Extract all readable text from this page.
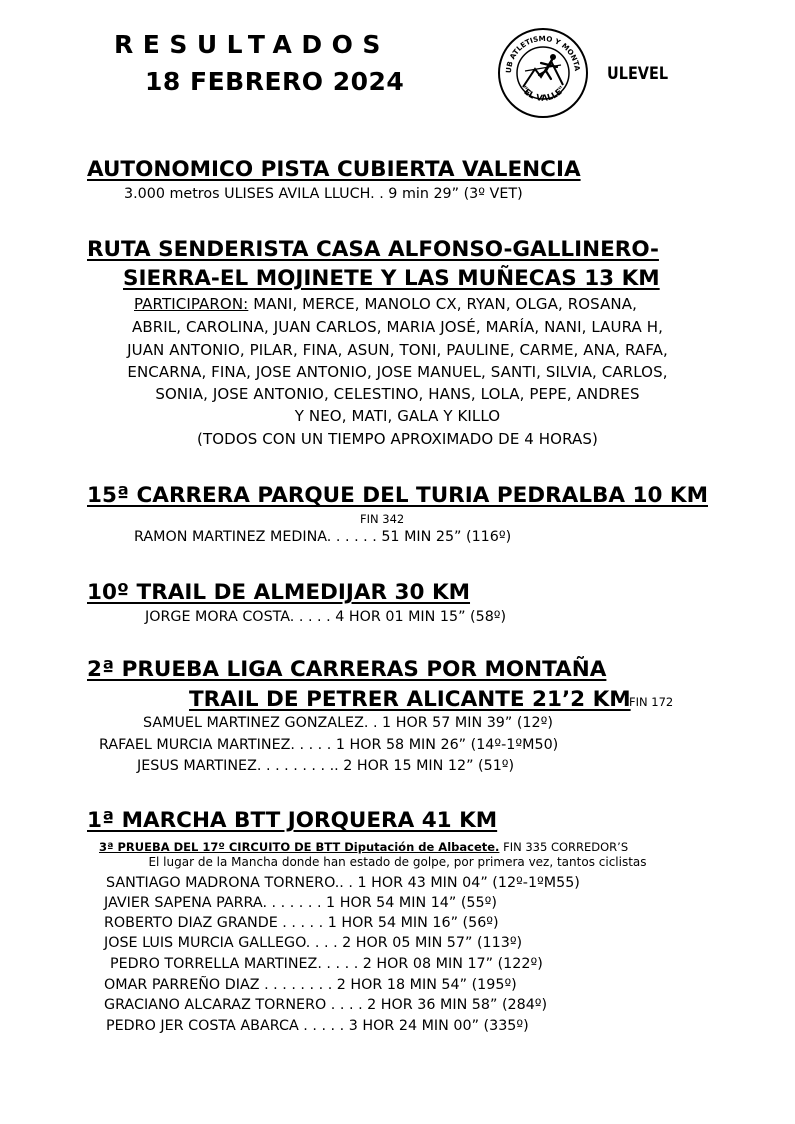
RESULTADOS
18 FEBRERO 2024	UB ATLETISMO Y MONTA
"EL VALLE"
ULEVEL
AUTONOMICO PISTA CUBIERTA VALENCIA
3.000 metros ULISES AVILA LLUCH. . 9 min 29” (3º VET)
RUTA SENDERISTA CASA ALFONSO-GALLINERO-
SIERRA-EL MOJINETE Y LAS MUÑECAS 13 KM
PARTICIPARON: MANI, MERCE, MANOLO CX, RYAN, OLGA, ROSANA,
ABRIL, CAROLINA, JUAN CARLOS, MARIA JOSÉ, MARÍA, NANI, LAURA H,
JUAN ANTONIO, PILAR, FINA, ASUN, TONI, PAULINE, CARME, ANA, RAFA,
ENCARNA, FINA, JOSE ANTONIO, JOSE MANUEL, SANTI, SILVIA, CARLOS,
SONIA, JOSE ANTONIO, CELESTINO, HANS, LOLA, PEPE, ANDRES
Y NEO, MATI, GALA Y KILLO
(TODOS CON UN TIEMPO APROXIMADO DE 4 HORAS)
15ª CARRERA PARQUE DEL TURIA PEDRALBA 10 KM
FIN 342
RAMON MARTINEZ MEDINA. . . . . . 51 MIN 25” (116º)
10º TRAIL DE ALMEDIJAR 30 KM
JORGE MORA COSTA. . . . . 4 HOR 01 MIN 15” (58º)
2ª PRUEBA LIGA CARRERAS POR MONTAÑA
TRAIL DE PETRER ALICANTE 21’2 KM
FIN 172
SAMUEL MARTINEZ GONZALEZ. . 1 HOR 57 MIN 39” (12º)
RAFAEL MURCIA MARTINEZ. . . . . 1 HOR 58 MIN 26” (14º-1ºM50)
JESUS MARTINEZ. . . . . . . . .. 2 HOR 15 MIN 12” (51º)
1ª MARCHA BTT JORQUERA 41 KM
3ª PRUEBA DEL 17º CIRCUITO DE BTT Diputación de Albacete. FIN 335 CORREDOR’S
El lugar de la Mancha donde han estado de golpe, por primera vez, tantos ciclistas
SANTIAGO MADRONA TORNERO.. . 1 HOR 43 MIN 04” (12º-1ºM55)
JAVIER SAPENA PARRA. . . . . . . 1 HOR 54 MIN 14” (55º)
ROBERTO DIAZ GRANDE . . . . . 1 HOR 54 MIN 16” (56º)
JOSE LUIS MURCIA GALLEGO. . . . 2 HOR 05 MIN 57” (113º)
PEDRO TORRELLA MARTINEZ. . . . . 2 HOR 08 MIN 17” (122º)
OMAR PARREÑO DIAZ . . . . . . . . 2 HOR 18 MIN 54” (195º)
GRACIANO ALCARAZ TORNERO . . . . 2 HOR 36 MIN 58” (284º)
PEDRO JER COSTA ABARCA . . . . . 3 HOR 24 MIN 00” (335º)
